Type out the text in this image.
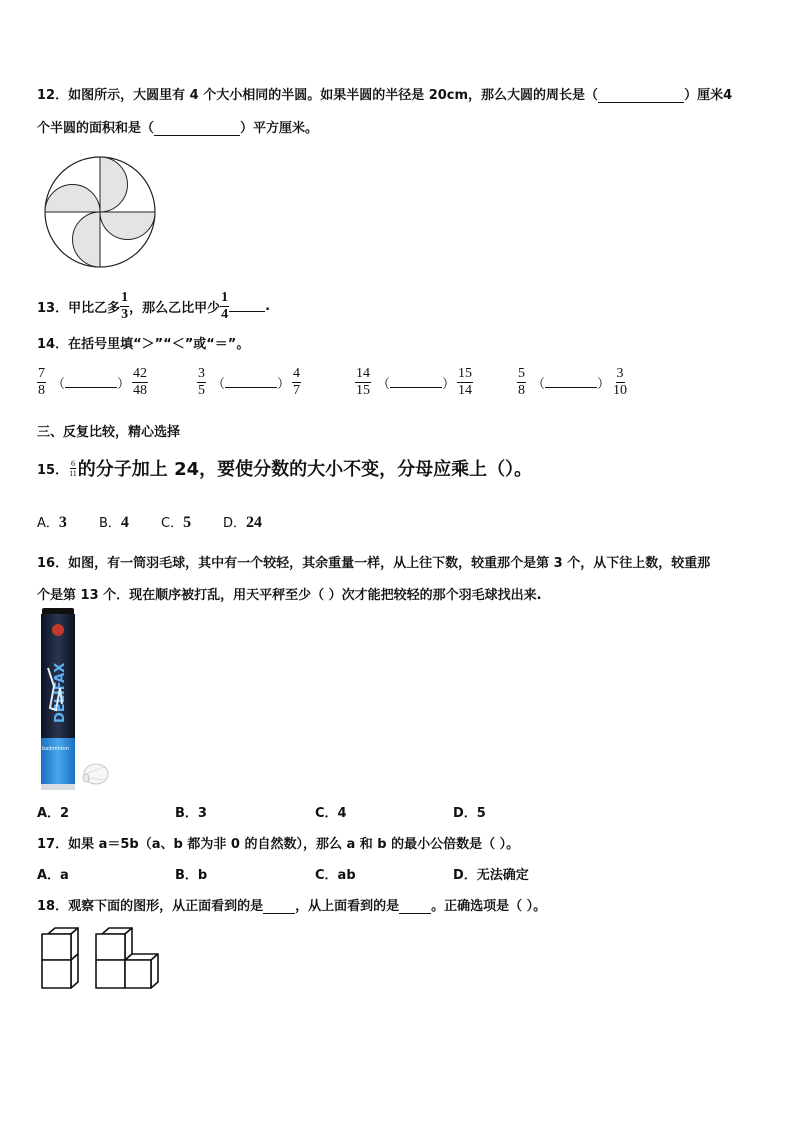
12．如图所示，大圆里有 4 个大小相同的半圆。如果半圆的半径是 20cm，那么大圆的周长是（	）厘米4
个半圆的面积和是（	）平方厘米。
13．甲比乙多 $\frac{1}{3}$ ，那么乙比甲少 $\frac{1}{4}$	.
14．在括号里填“＞”“＜”或“＝”。
$\frac{7}{8}$ （	） $\frac{42}{48}$	$\frac{3}{5}$ （	） $\frac{4}{7}$	$\frac{14}{15}$ （	） $\frac{15}{14}$	$\frac{5}{8}$ （	） $\frac{3}{10}$
三、反复比较，精心选择
15． $\frac{6}{11}$ 的分子加上 24，要使分数的大小不变，分母应乘上（）。
A．3	B．4	C．5	D．24
16．如图，有一筒羽毛球，其中有一个较轻，其余重量一样，从上往下数，较重那个是第 3 个，从下往上数，较重那
个是第 13 个．现在顺序被打乱，用天平秤至少（ ）次才能把较轻的那个羽毛球找出来.
DELIFAX
badminton
A．2	B．3	C．4	D．5
17．如果 a＝5b（a、b 都为非 0 的自然数），那么 a 和 b 的最小公倍数是（ ）。
A．a	B．b	C．ab	D．无法确定
18．观察下面的图形，从正面看到的是 ，从上面看到的是 。正确选项是（ ）。
